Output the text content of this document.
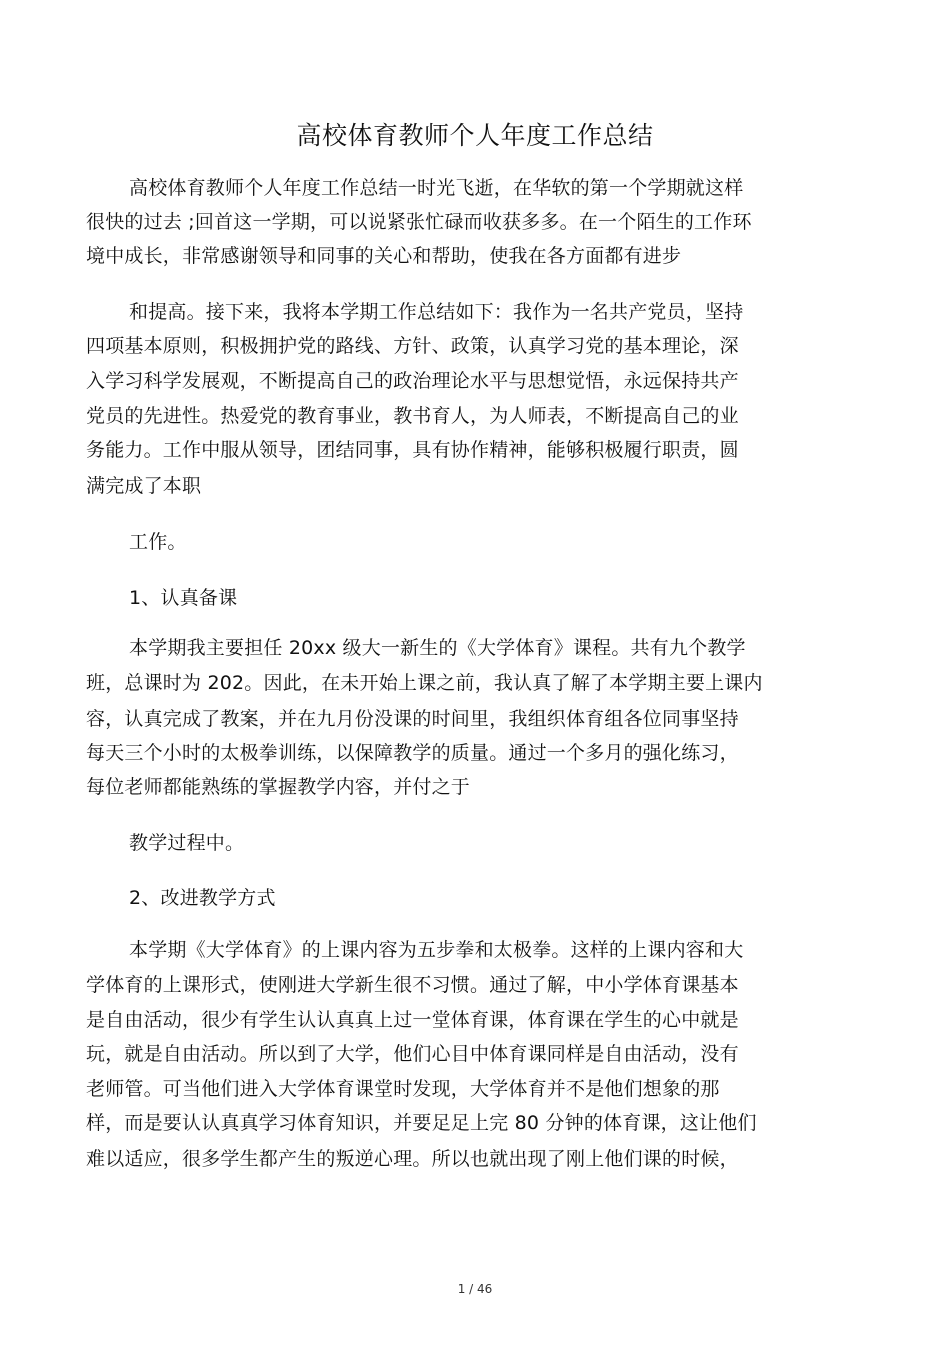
高校体育教师个人年度工作总结
高校体育教师个人年度工作总结一时光飞逝，在华软的第一个学期就这样
很快的过去 ;回首这一学期，可以说紧张忙碌而收获多多。在一个陌生的工作环
境中成长，非常感谢领导和同事的关心和帮助，使我在各方面都有进步
和提高。接下来，我将本学期工作总结如下：我作为一名共产党员，坚持
四项基本原则，积极拥护党的路线、方针、政策，认真学习党的基本理论，深
入学习科学发展观，不断提高自己的政治理论水平与思想觉悟，永远保持共产
党员的先进性。热爱党的教育事业，教书育人，为人师表，不断提高自己的业
务能力。工作中服从领导，团结同事，具有协作精神，能够积极履行职责，圆
满完成了本职
工作。
1、认真备课
本学期我主要担任 20xx 级大一新生的《大学体育》课程。共有九个教学
班，总课时为 202。因此，在未开始上课之前，我认真了解了本学期主要上课内
容，认真完成了教案，并在九月份没课的时间里，我组织体育组各位同事坚持
每天三个小时的太极拳训练，以保障教学的质量。通过一个多月的强化练习，
每位老师都能熟练的掌握教学内容，并付之于
教学过程中。
2、改进教学方式
本学期《大学体育》的上课内容为五步拳和太极拳。这样的上课内容和大
学体育的上课形式，使刚进大学新生很不习惯。通过了解，中小学体育课基本
是自由活动，很少有学生认认真真上过一堂体育课，体育课在学生的心中就是
玩，就是自由活动。所以到了大学，他们心目中体育课同样是自由活动，没有
老师管。可当他们进入大学体育课堂时发现，大学体育并不是他们想象的那
样，而是要认认真真学习体育知识，并要足足上完 80 分钟的体育课，这让他们
难以适应，很多学生都产生的叛逆心理。所以也就出现了刚上他们课的时候，
1 / 46
